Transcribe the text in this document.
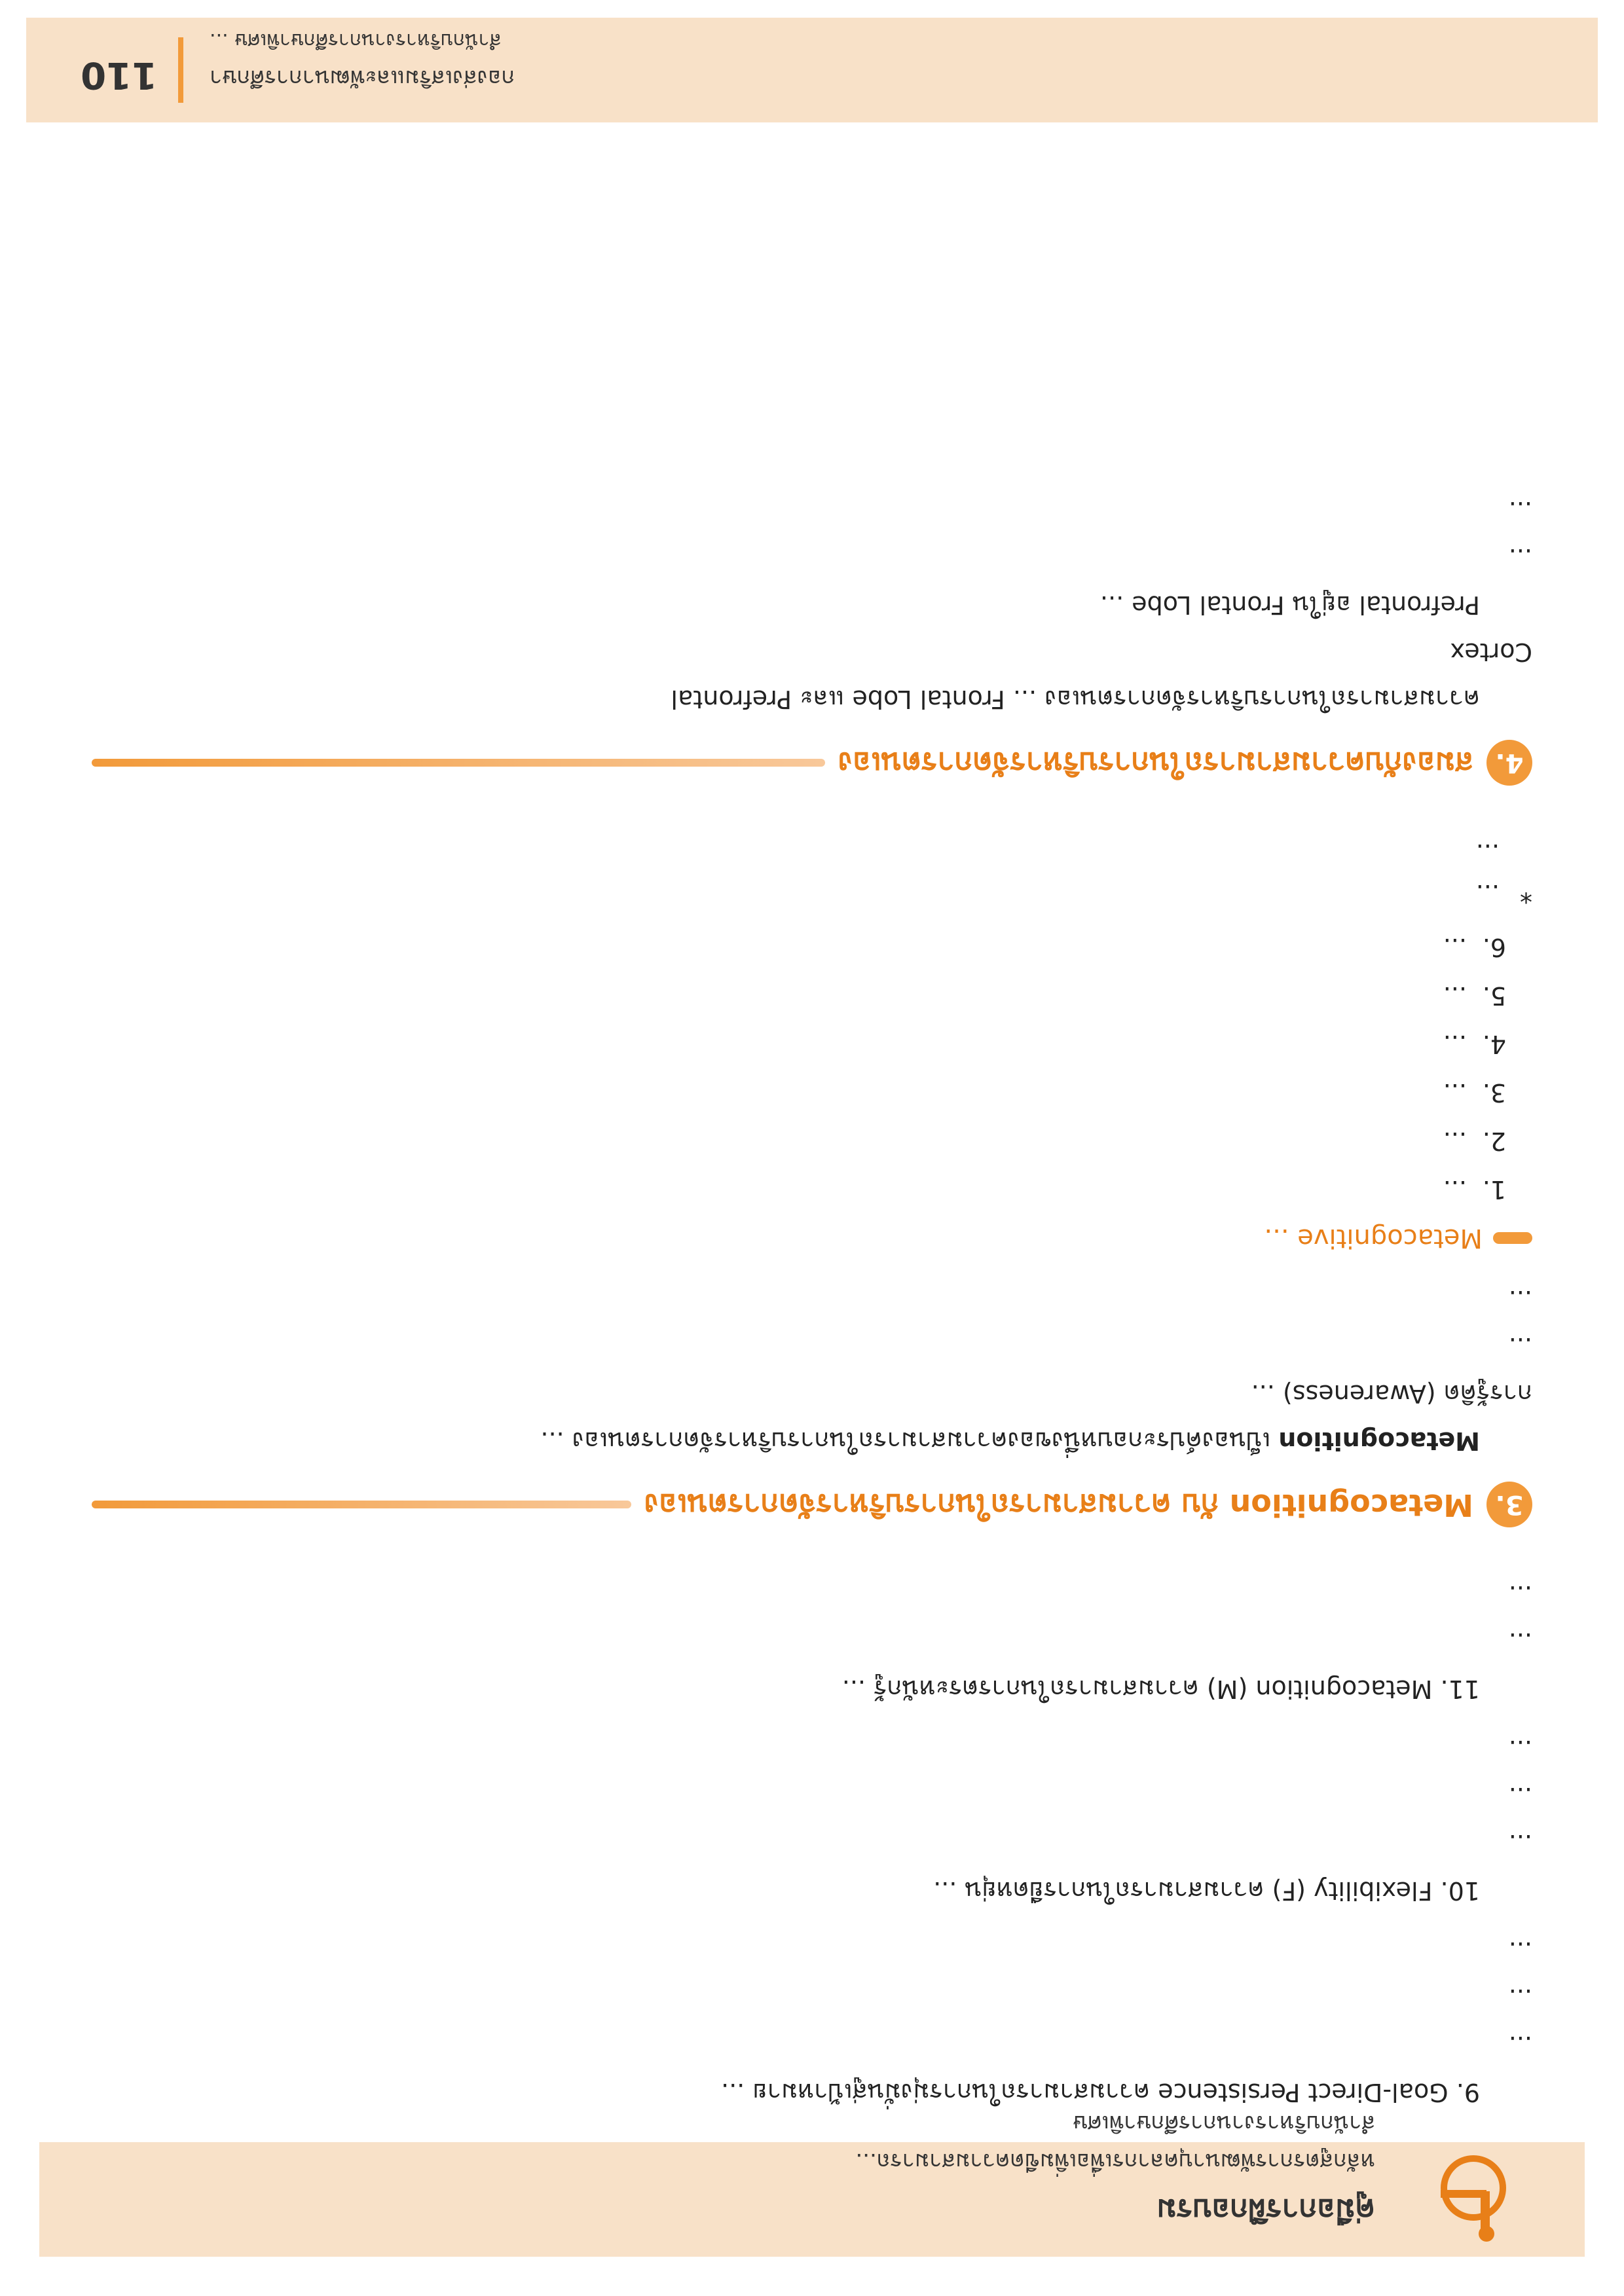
คู่มือการฝึกอบรม
หลักสูตรการพัฒนาบุคลากรเพื่อเพิ่มขีดความสามารถ...
สำนักบริหารงานการศึกษาพิเศษ

9. Goal-Direct Persistence ความสามารถในการมุ่งมั่นสู่เป้าหมาย ...

...

...

...

10. Flexibility (F) ความสามารถในการยืดหยุ่น ...

...

...

...

11. Metacognition (M) ความสามารถในการตระหนักรู้ ...

...

...

3.
Metacognition กับ ความสามารถในการบริหารจัดการตนเอง

Metacognition เป็นองค์ประกอบหนึ่งของความสามารถในการบริหารจัดการตนเอง ...

การรู้คิด (Awareness) ...

...

...

Metacognitive ...
1.
...
2.
...
3.
...
4.
...
5.
...
6.
...
*
...
...
4.
สมองกับความสามารถในการบริหารจัดการตนเอง

ความสามารถในการบริหารจัดการตนเอง ... Frontal Lobe และ Prefrontal

Cortex

Prefrontal อยู่ใน Frontal Lobe ...

...

...

110 กองส่งเสริมและพัฒนาการศึกษา
สำนักบริหารงานการศึกษาพิเศษ ...
